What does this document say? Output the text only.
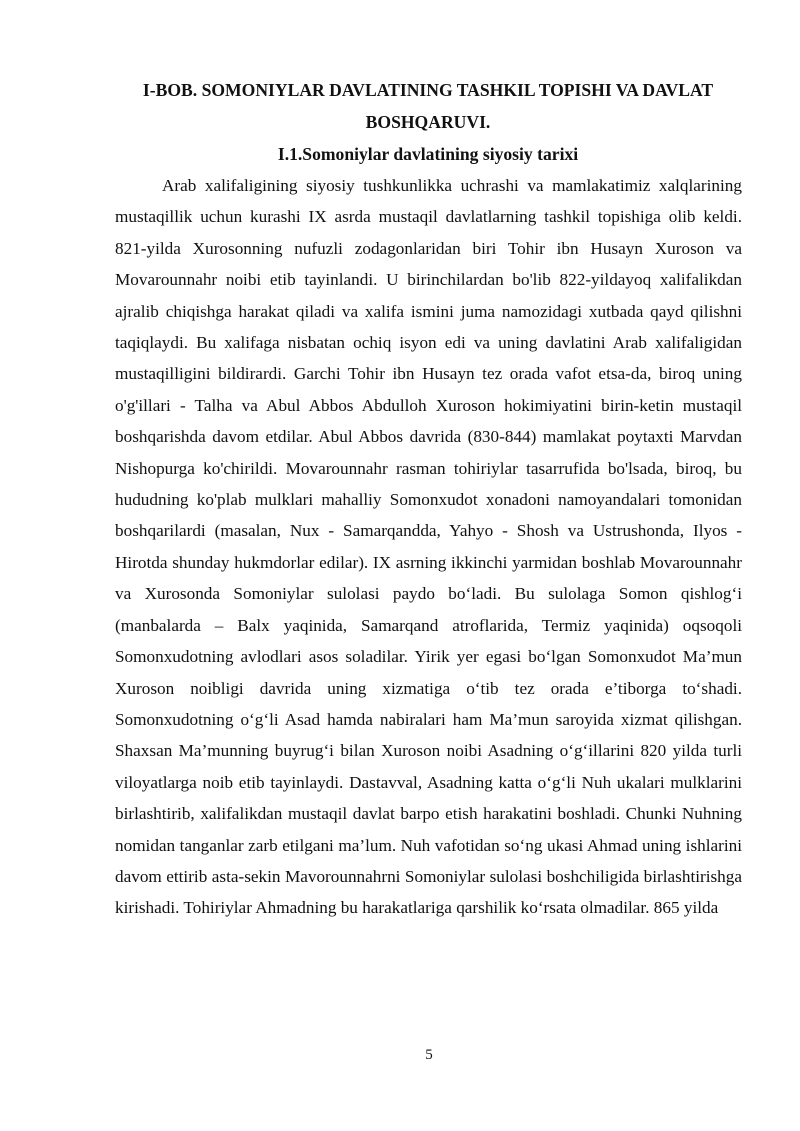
I-BOB. SOMONIYLAR DAVLATINING TASHKIL TOPISHI VA DAVLAT BOSHQARUVI.
I.1.Somoniylar davlatining siyosiy tarixi

Arab xalifaligining siyosiy tushkunlikka uchrashi va mamlakatimiz xalqlarining mustaqillik uchun kurashi IX asrda mustaqil davlatlarning tashkil topishiga olib keldi. 821-yilda Xurosonning nufuzli zodagonlaridan biri Tohir ibn Husayn Xuroson va Movarounnahr noibi etib tayinlandi. U birinchilardan bo'lib 822-yildayoq xalifalikdan ajralib chiqishga harakat qiladi va xalifa ismini juma namozidagi xutbada qayd qilishni taqiqlaydi. Bu xalifaga nisbatan ochiq isyon edi va uning davlatini Arab xalifaligidan mustaqilligini bildirardi. Garchi Tohir ibn Husayn tez orada vafot etsa-da, biroq uning o'g'illari - Talha va Abul Abbos Abdulloh Xuroson hokimiyatini birin-ketin mustaqil boshqarishda davom etdilar. Abul Abbos davrida (830-844) mamlakat poytaxti Marvdan Nishopurga ko'chirildi. Movarounnahr rasman tohiriylar tasarrufida bo'lsada, biroq, bu hududning ko'plab mulklari mahalliy Somonxudot xonadoni namoyandalari tomonidan boshqarilardi (masalan, Nux - Samarqandda, Yahyo - Shosh va Ustrushonda, Ilyos - Hirotda shunday hukmdorlar edilar). IX asrning ikkinchi yarmidan boshlab Movarounnahr va Xurosonda Somoniylar sulolasi paydo bo‘ladi. Bu sulolaga Somon qishlog‘i (manbalarda – Balx yaqinida, Samarqand atroflarida, Termiz yaqinida) oqsoqoli Somonxudotning avlodlari asos soladilar. Yirik yer egasi bo‘lgan Somonxudot Ma’mun Xuroson noibligi davrida uning xizmatiga o‘tib tez orada e’tiborga to‘shadi. Somonxudotning o‘g‘li Asad hamda nabiralari ham Ma’mun saroyida xizmat qilishgan. Shaxsan Ma’munning buyrug‘i bilan Xuroson noibi Asadning o‘g‘illarini 820 yilda turli viloyatlarga noib etib tayinlaydi. Dastavval, Asadning katta o‘g‘li Nuh ukalari mulklarini birlashtirib, xalifalikdan mustaqil davlat barpo etish harakatini boshladi. Chunki Nuhning nomidan tanganlar zarb etilgani ma’lum. Nuh vafotidan so‘ng ukasi Ahmad uning ishlarini davom ettirib asta-sekin Mavorounnahrni Somoniylar sulolasi boshchiligida birlashtirishga kirishadi. Tohiriylar Ahmadning bu harakatlariga qarshilik ko‘rsata olmadilar. 865 yilda

5
